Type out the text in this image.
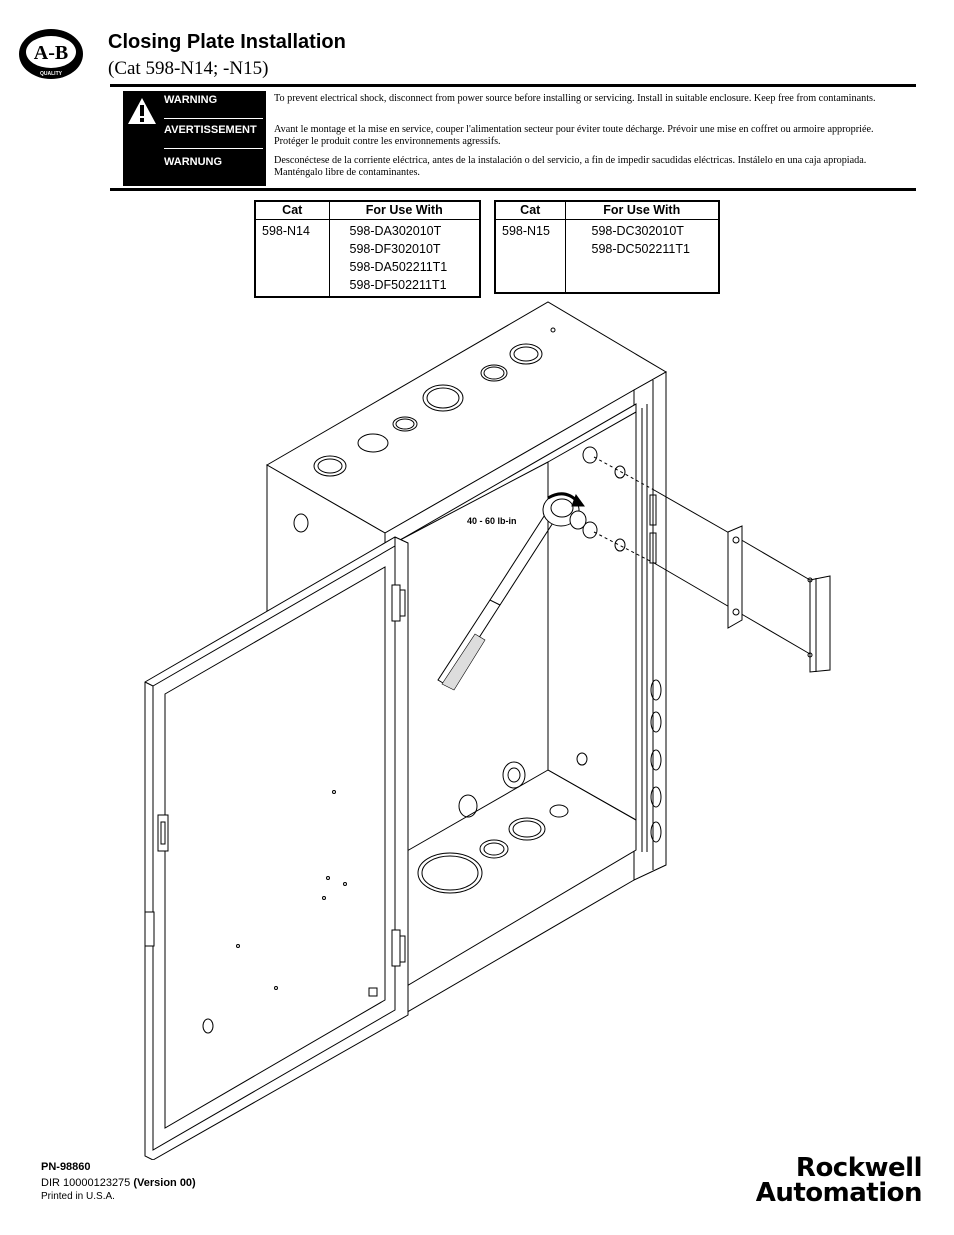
A-B
QUALITY
Closing Plate Installation
(Cat 598-N14; -N15)
WARNING
AVERTISSEMENT
WARNUNG
To prevent electrical shock, disconnect from power source before installing or servicing. Install in suitable enclosure. Keep free from contaminants.
Avant le montage et la mise en service, couper l'alimentation secteur pour éviter toute décharge. Prévoir une mise en coffret ou armoire appropriée. Protéger le produit contre les environnements agressifs.
Desconéctese de la corriente eléctrica, antes de la instalación o del servicio, a fin de impedir sacudidas eléctricas. Instálelo en una caja apropiada. Manténgalo libre de contaminantes.
Cat	For Use With
598-N14	598-DA302010T
598-DF302010T
598-DA502211T1
598-DF502211T1
Cat	For Use With
598-N15	598-DC302010T
598-DC502211T1
40 - 60 lb-in
PN-98860
DIR 10000123275 (Version 00)
Printed in U.S.A.
Rockwell
Automation
